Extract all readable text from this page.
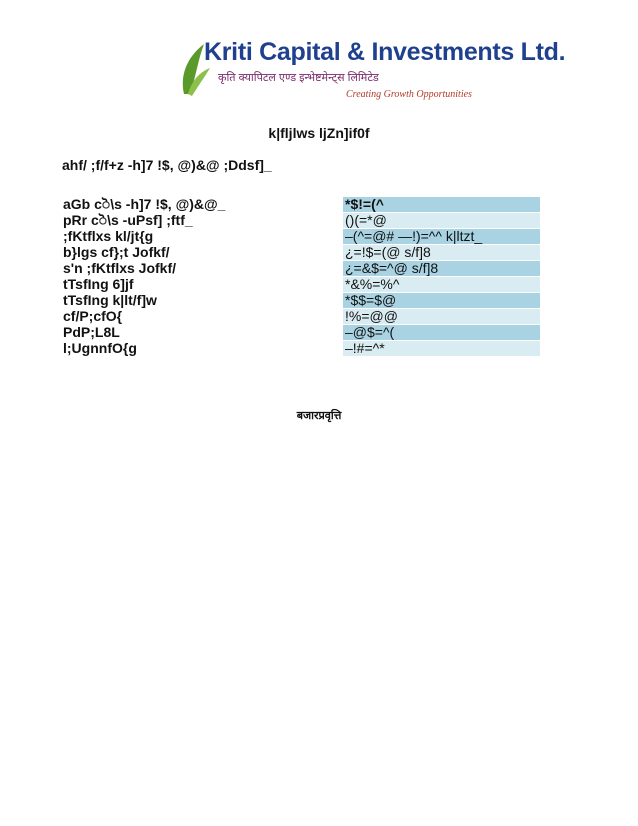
Kriti Capital & Investments Ltd.
कृति क्यापिटल एण्ड इन्भेष्टमेन्ट्स लिमिटेड
Creating Growth Opportunities
k|fljlws ljZn]if0f
ahf/ ;f/f+z -h]7 !$, @)&@ ;Ddsf]_
aGb cॆ\s -h]7 !$, @)&@_	*$!=(^
pRr cॆ\s -uPsf] ;ftf_	()(=*@
;fKtflxs kl/jt{g	–(^=@# —!)=^^ k|ltzt_
b}lgs cf};t Jofkf/	¿=!$=(@ s/f]8
s'n ;fKtflxs Jofkf/	¿=&$=^@ s/f]8
tTsfIng 6]jf	*&%=%^
tTsfIng k|lt/f]w	*$$=$@
cf/P;cfO{	!%=@@
PdP;L8L	–@$=^(
l;UgnnfO{g	–!#=^*
बजारप्रवृत्ति
